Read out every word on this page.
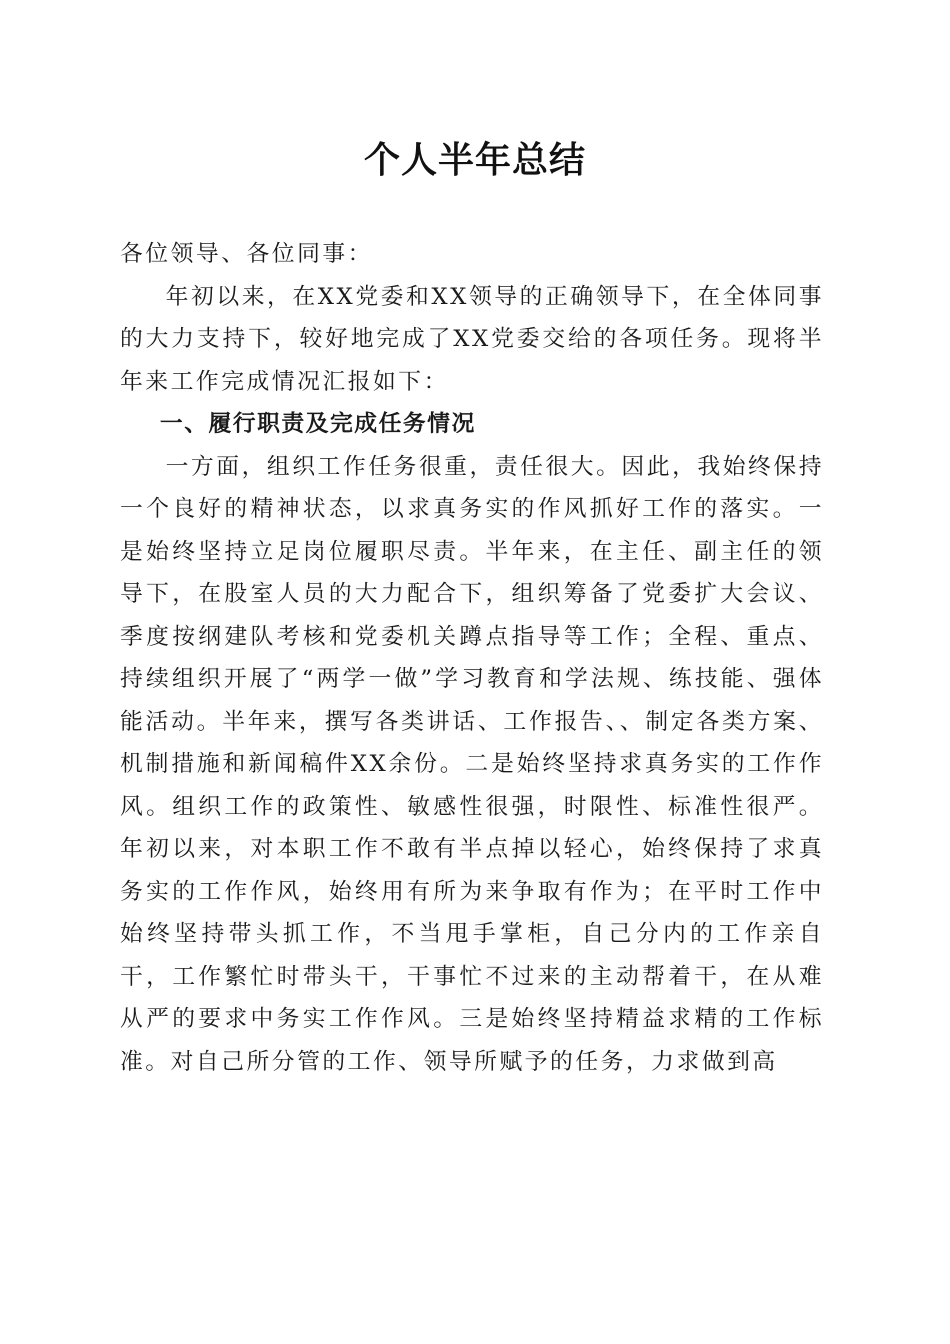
个人半年总结

各位领导、各位同事：

年初以来，在XX党委和XX领导的正确领导下，在全体同事的大力支持下，较好地完成了XX党委交给的各项任务。现将半年来工作完成情况汇报如下：

一、履行职责及完成任务情况

一方面，组织工作任务很重，责任很大。因此，我始终保持一个良好的精神状态，以求真务实的作风抓好工作的落实。一是始终坚持立足岗位履职尽责。半年来，在主任、副主任的领导下，在股室人员的大力配合下，组织筹备了党委扩大会议、季度按纲建队考核和党委机关蹲点指导等工作；全程、重点、持续组织开展了“两学一做”学习教育和学法规、练技能、强体能活动。半年来，撰写各类讲话、工作报告、、制定各类方案、机制措施和新闻稿件XX余份。二是始终坚持求真务实的工作作风。组织工作的政策性、敏感性很强，时限性、标准性很严。年初以来，对本职工作不敢有半点掉以轻心，始终保持了求真务实的工作作风，始终用有所为来争取有作为；在平时工作中始终坚持带头抓工作，不当甩手掌柜，自己分内的工作亲自干，工作繁忙时带头干，干事忙不过来的主动帮着干，在从难从严的要求中务实工作作风。三是始终坚持精益求精的工作标准。对自己所分管的工作、领导所赋予的任务，力求做到高
